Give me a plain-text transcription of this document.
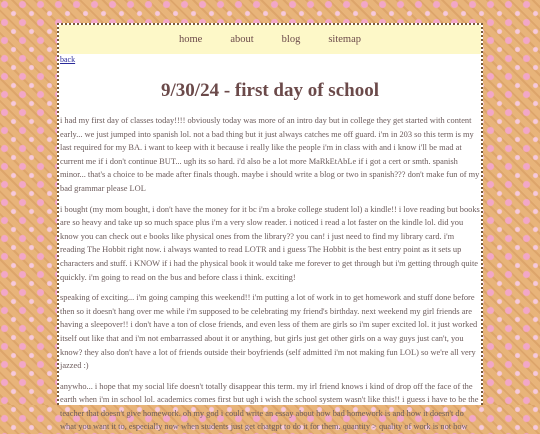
home	about	blog	sitemap
back
9/30/24 - first day of school

i had my first day of classes today!!!! obviously today was more of an intro day but in college they get started with content early... we just jumped into spanish lol. not a bad thing but it just always catches me off guard. i'm in 203 so this term is my last required for my BA. i want to keep with it because i really like the people i'm in class with and i know i'll be mad at current me if i don't continue BUT... ugh its so hard. i'd also be a lot more MaRkEtAbLe if i got a cert or smth. spanish minor... that's a choice to be made after finals though. maybe i should write a blog or two in spanish??? don't make fun of my bad grammar please LOL

i bought (my mom bought, i don't have the money for it bc i'm a broke college student lol) a kindle!! i love reading but books are so heavy and take up so much space plus i'm a very slow reader. i noticed i read a lot faster on the kindle lol. did you know you can check out e books like physical ones from the library?? you can! i just need to find my library card. i'm reading The Hobbit right now. i always wanted to read LOTR and i guess The Hobbit is the best entry point as it sets up characters and stuff. i KNOW if i had the physical book it would take me forever to get through but i'm getting through quite quickly. i'm going to read on the bus and before class i think. exciting!

speaking of exciting... i'm going camping this weekend!! i'm putting a lot of work in to get homework and stuff done before then so it doesn't hang over me while i'm supposed to be celebrating my friend's birthday. next weekend my girl friends are having a sleepover!! i don't have a ton of close friends, and even less of them are girls so i'm super excited lol. it just worked itself out like that and i'm not embarrassed about it or anything, but girls just get other girls on a way guys just can't, you know? they also don't have a lot of friends outside their boyfriends (self admitted i'm not making fun LOL) so we're all very jazzed :)

anywho... i hope that my social life doesn't totally disappear this term. my irl friend knows i kind of drop off the face of the earth when i'm in school lol. academics comes first but ugh i wish the school system wasn't like this!! i guess i have to be the teacher that doesn't give homework. oh my god i could write an essay about how bad homework is and how it doesn't do what you want it to, especially now when students just get chatgpt to do it for them. quantity > quality of work is not how
